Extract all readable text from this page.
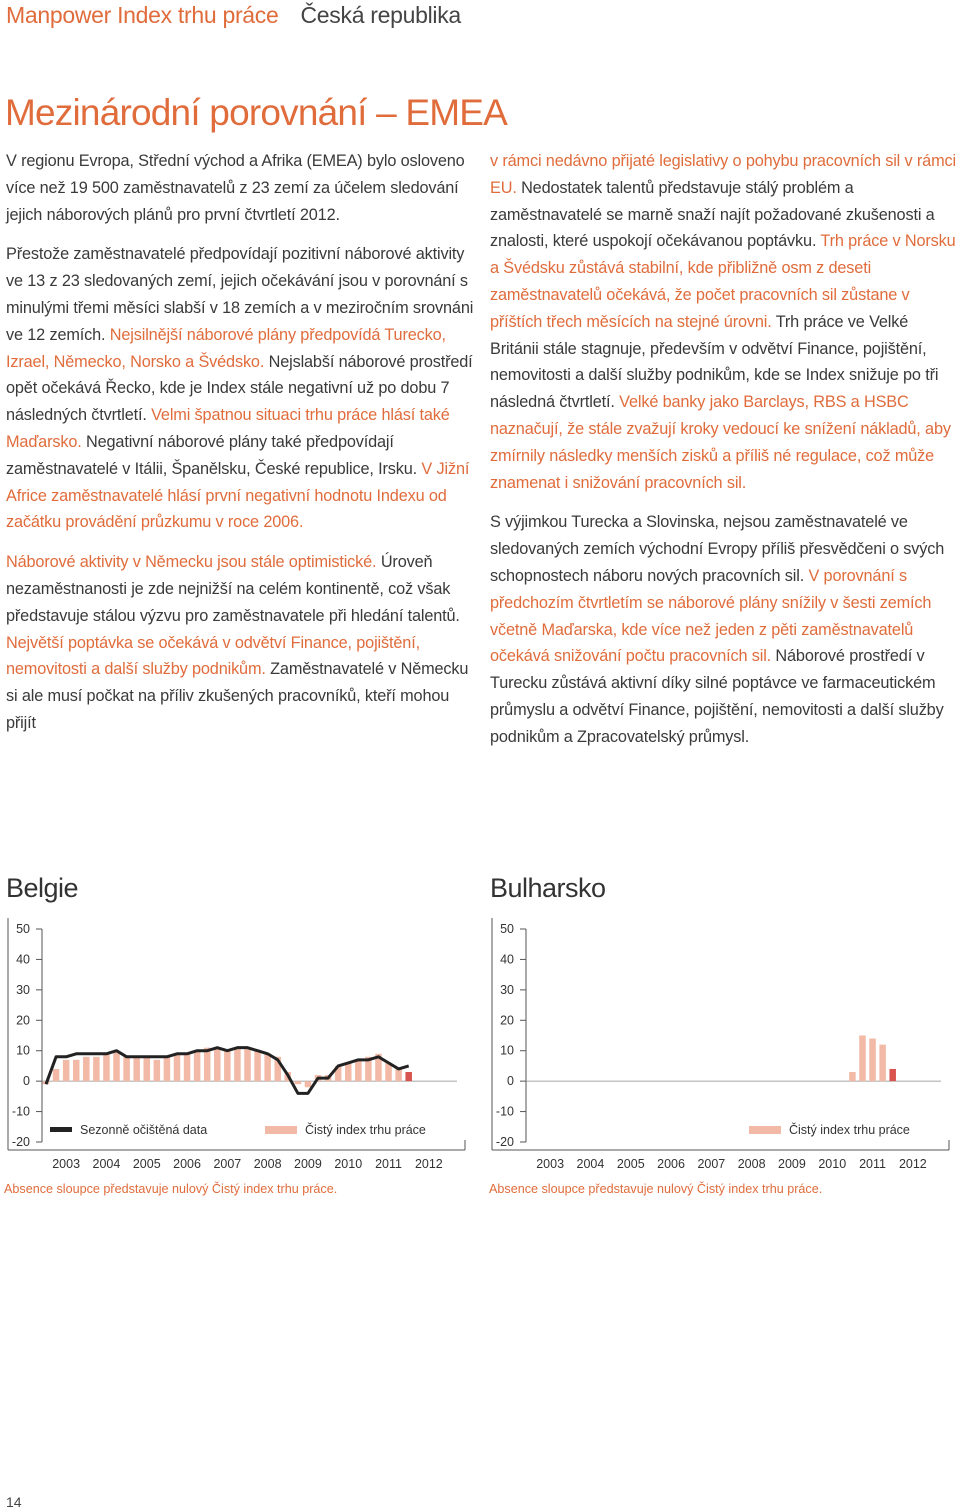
Manpower Index trhu práce Česká republika
Mezinárodní porovnání – EMEA

V regionu Evropa, Střední východ a Afrika (EMEA) bylo osloveno více než 19 500 zaměstnavatelů z 23 zemí za účelem sledování jejich náborových plánů pro první čtvrtletí 2012.

Přestože zaměstnavatelé předpovídají pozitivní náborové aktivity ve 13 z 23 sledovaných zemí, jejich očekávání jsou v porovnání s minulými třemi měsíci slabší v 18 zemích a v meziročním srovnáni ve 12 zemích. Nejsilnější náborové plány předpovídá Turecko, Izrael, Německo, Norsko a Švédsko. Nejslabší náborové prostředí opět očekává Řecko, kde je Index stále negativní už po dobu 7 následných čtvrtletí. Velmi špatnou situaci trhu práce hlásí také Maďarsko. Negativní náborové plány také předpovídají zaměstnavatelé v Itálii, Španělsku, České republice, Irsku. V Jižní Africe zaměstnavatelé hlásí první negativní hodnotu Indexu od začátku provádění průzkumu v roce 2006.

Náborové aktivity v Německu jsou stále optimistické. Úroveň nezaměstnanosti je zde nejnižší na celém kontinentě, což však představuje stálou výzvu pro zaměstnavatele při hledání talentů. Největší poptávka se očekává v odvětví Finance, pojištění, nemovitosti a další služby podnikům. Zaměstnavatelé v Německu si ale musí počkat na příliv zkušených pracovníků, kteří mohou přijít

v rámci nedávno přijaté legislativy o pohybu pracovních sil v rámci EU. Nedostatek talentů představuje stálý problém a zaměstnavatelé se marně snaží najít požadované zkušenosti a znalosti, které uspokojí očekávanou poptávku. Trh práce v Norsku a Švédsku zůstává stabilní, kde přibližně osm z deseti zaměstnavatelů očekává, že počet pracovních sil zůstane v příštích třech měsících na stejné úrovni. Trh práce ve Velké Británii stále stagnuje, především v odvětví Finance, pojištění, nemovitosti a další služby podnikům, kde se Index snižuje po tři následná čtvrtletí. Velké banky jako Barclays, RBS a HSBC naznačují, že stále zvažují kroky vedoucí ke snížení nákladů, aby zmírnily následky menších zisků a příliš né regulace, což může znamenat i snižování pracovních sil.

S výjimkou Turecka a Slovinska, nejsou zaměstnavatelé ve sledovaných zemích východní Evropy příliš přesvědčeni o svých schopnostech náboru nových pracovních sil. V porovnání s předchozím čtvrtletím se náborové plány snížily v šesti zemích včetně Maďarska, kde více než jeden z pěti zaměstnavatelů očekává snižování počtu pracovních sil. Náborové prostředí v Turecku zůstává aktivní díky silné poptávce ve farmaceutickém průmyslu a odvětví Finance, pojištění, nemovitosti a další služby podnikům a Zpracovatelský průmysl.

Belgie
50
40
30
20
10
0
-10
-20
2003 2004 2005 2006 2007 2008 2009 2010 2011 2012
Sezonně očištěná data	Čistý index trhu práce
Absence sloupce představuje nulový Čistý index trhu práce.
Bulharsko
50
40
30
20
10
0
-10
-20
2003 2004 2005 2006 2007 2008 2009 2010 2011 2012
Čistý index trhu práce
Absence sloupce představuje nulový Čistý index trhu práce.
14
